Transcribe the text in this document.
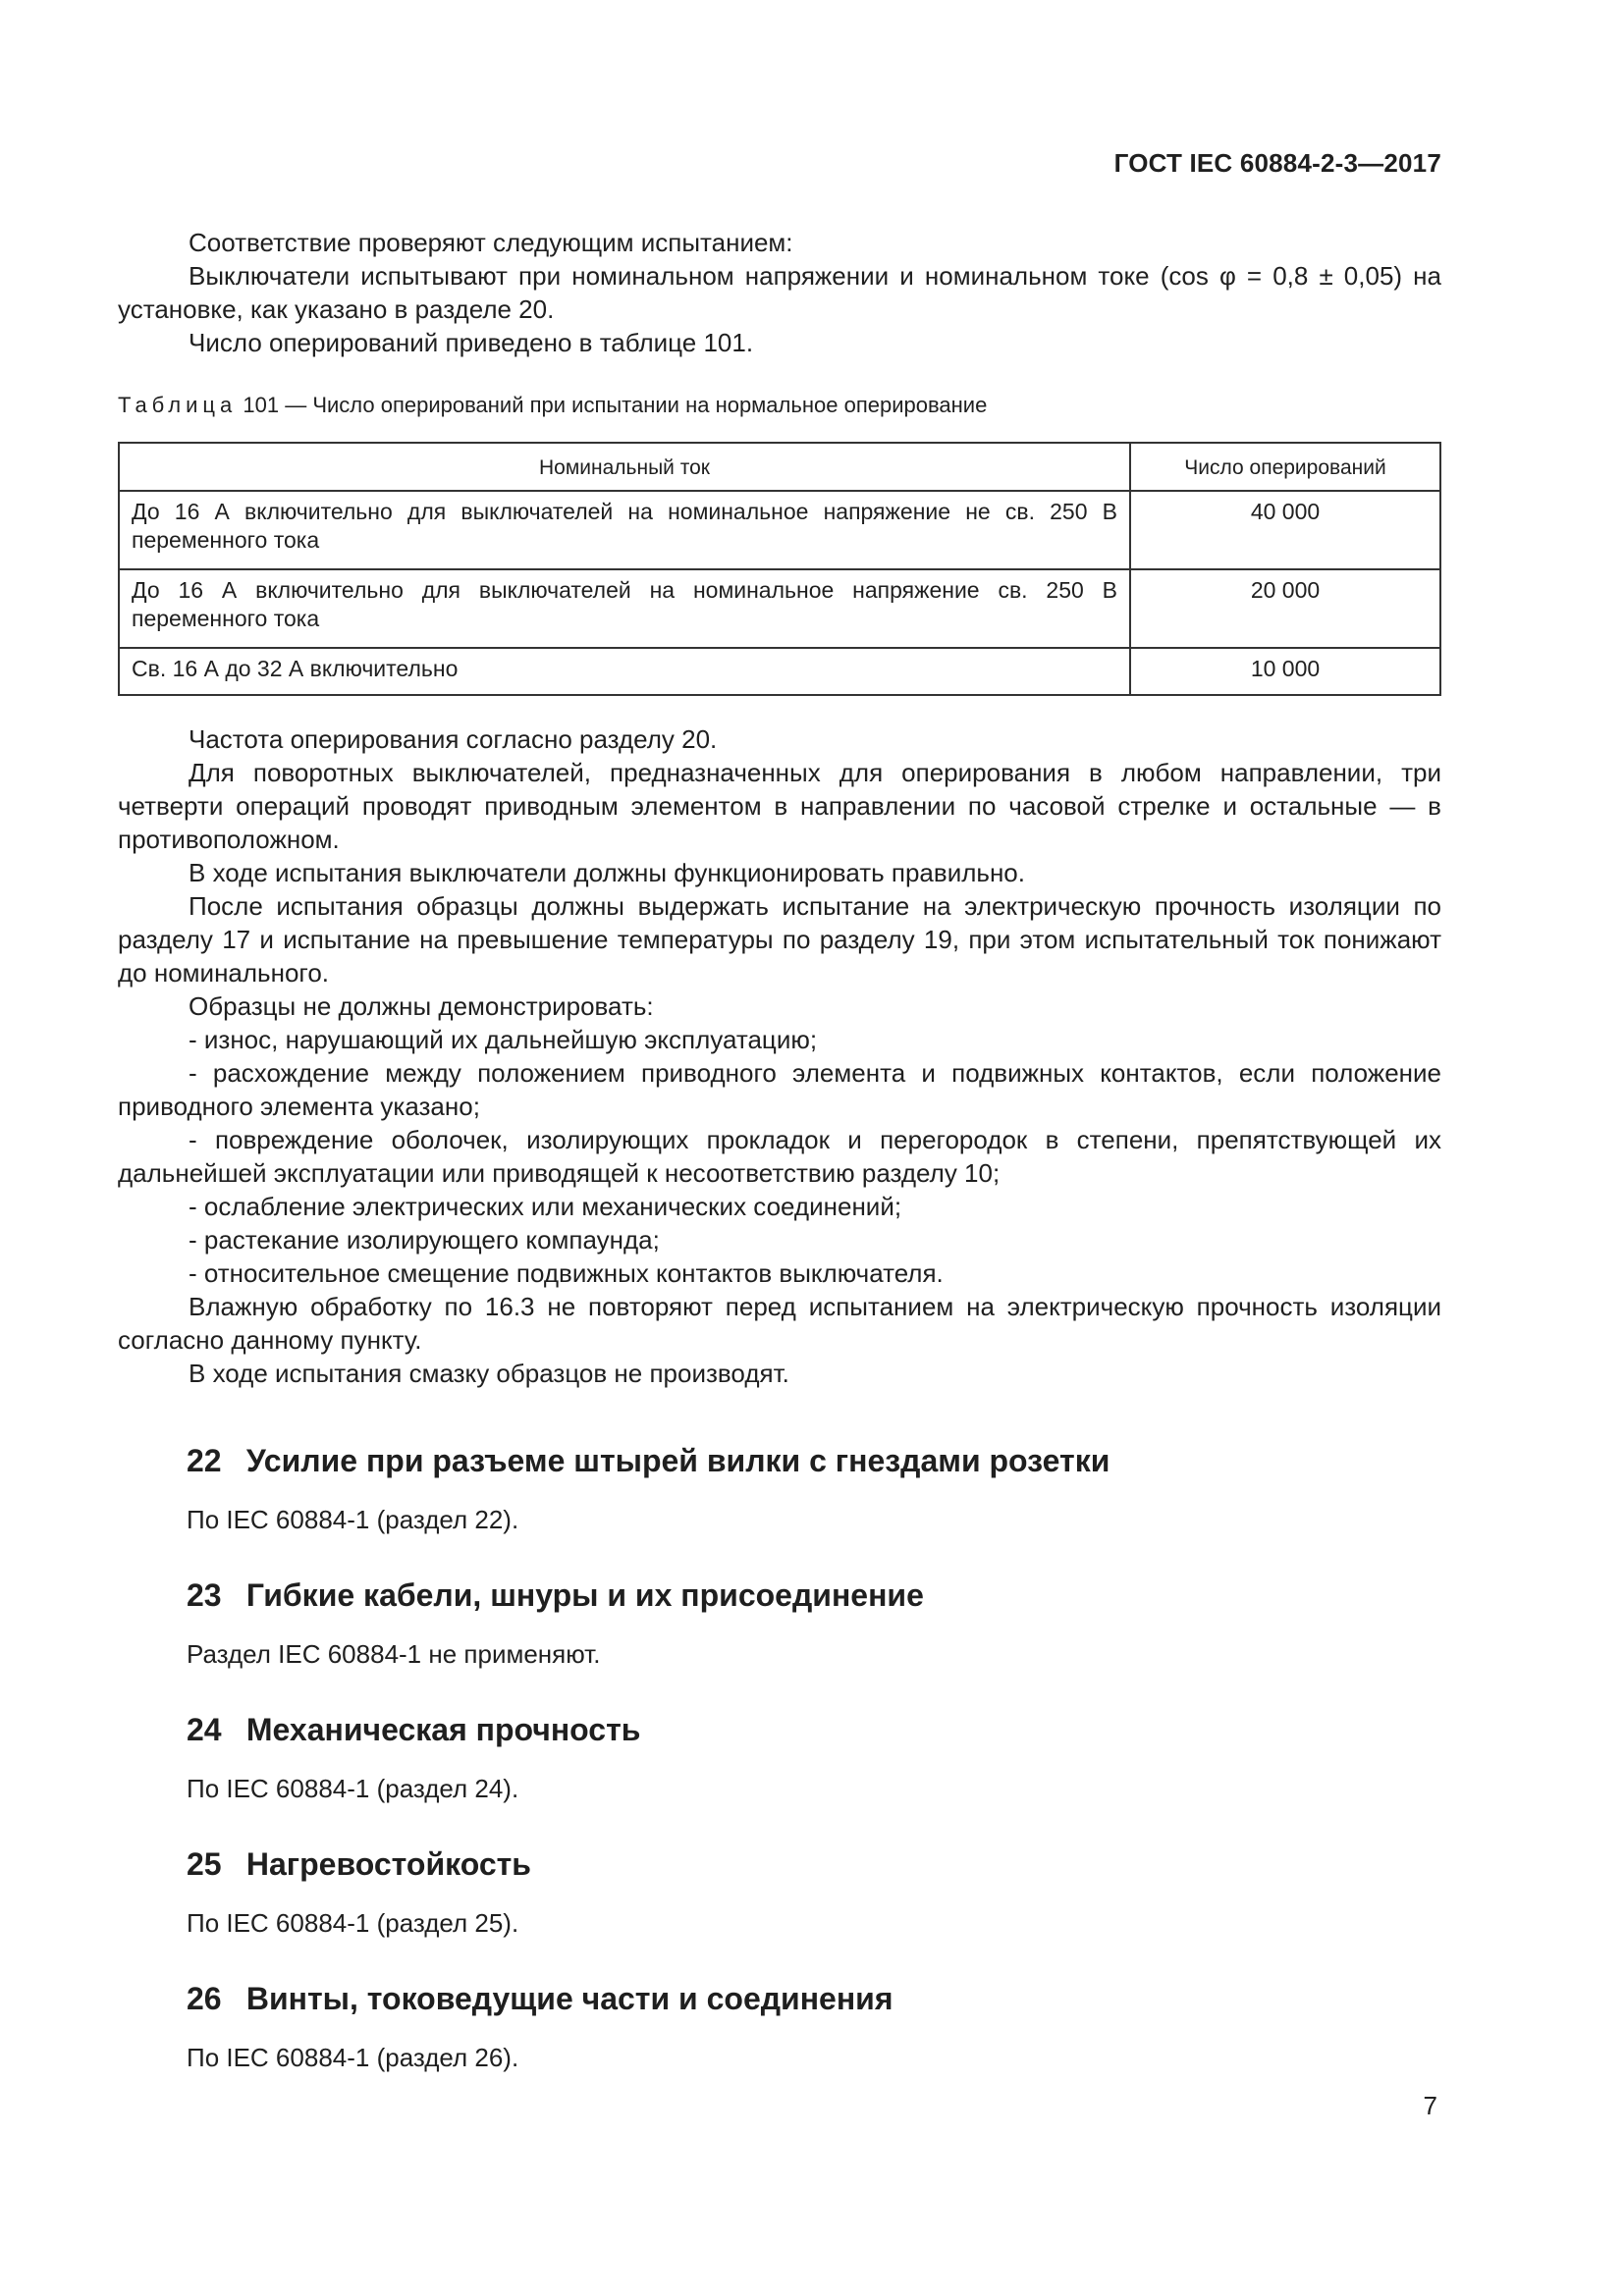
ГОСТ IEC 60884-2-3—2017

Соответствие проверяют следующим испытанием:

Выключатели испытывают при номинальном напряжении и номинальном токе (cos φ = 0,8 ± 0,05) на установке, как указано в разделе 20.

Число оперирований приведено в таблице 101.

Таблица 101 — Число оперирований при испытании на нормальное оперирование
Номинальный ток	Число оперирований
До 16 А включительно для выключателей на номинальное напряжение не св. 250 В переменного тока	40 000
До 16 А включительно для выключателей на номинальное напряжение св. 250 В переменного тока	20 000
Св. 16 А до 32 А включительно	10 000

Частота оперирования согласно разделу 20.

Для поворотных выключателей, предназначенных для оперирования в любом направлении, три четверти операций проводят приводным элементом в направлении по часовой стрелке и остальные — в противоположном.

В ходе испытания выключатели должны функционировать правильно.

После испытания образцы должны выдержать испытание на электрическую прочность изоляции по разделу 17 и испытание на превышение температуры по разделу 19, при этом испытательный ток понижают до номинального.

Образцы не должны демонстрировать:

- износ, нарушающий их дальнейшую эксплуатацию;

- расхождение между положением приводного элемента и подвижных контактов, если положение приводного элемента указано;

- повреждение оболочек, изолирующих прокладок и перегородок в степени, препятствующей их дальнейшей эксплуатации или приводящей к несоответствию разделу 10;

- ослабление электрических или механических соединений;

- растекание изолирующего компаунда;

- относительное смещение подвижных контактов выключателя.

Влажную обработку по 16.3 не повторяют перед испытанием на электрическую прочность изоляции согласно данному пункту.

В ходе испытания смазку образцов не производят.

22 Усилие при разъеме штырей вилки с гнездами розетки
По IEC 60884-1 (раздел 22).
23 Гибкие кабели, шнуры и их присоединение
Раздел IEC 60884-1 не применяют.
24 Механическая прочность
По IEC 60884-1 (раздел 24).
25 Нагревостойкость
По IEC 60884-1 (раздел 25).
26 Винты, токоведущие части и соединения
По IEC 60884-1 (раздел 26).
7
